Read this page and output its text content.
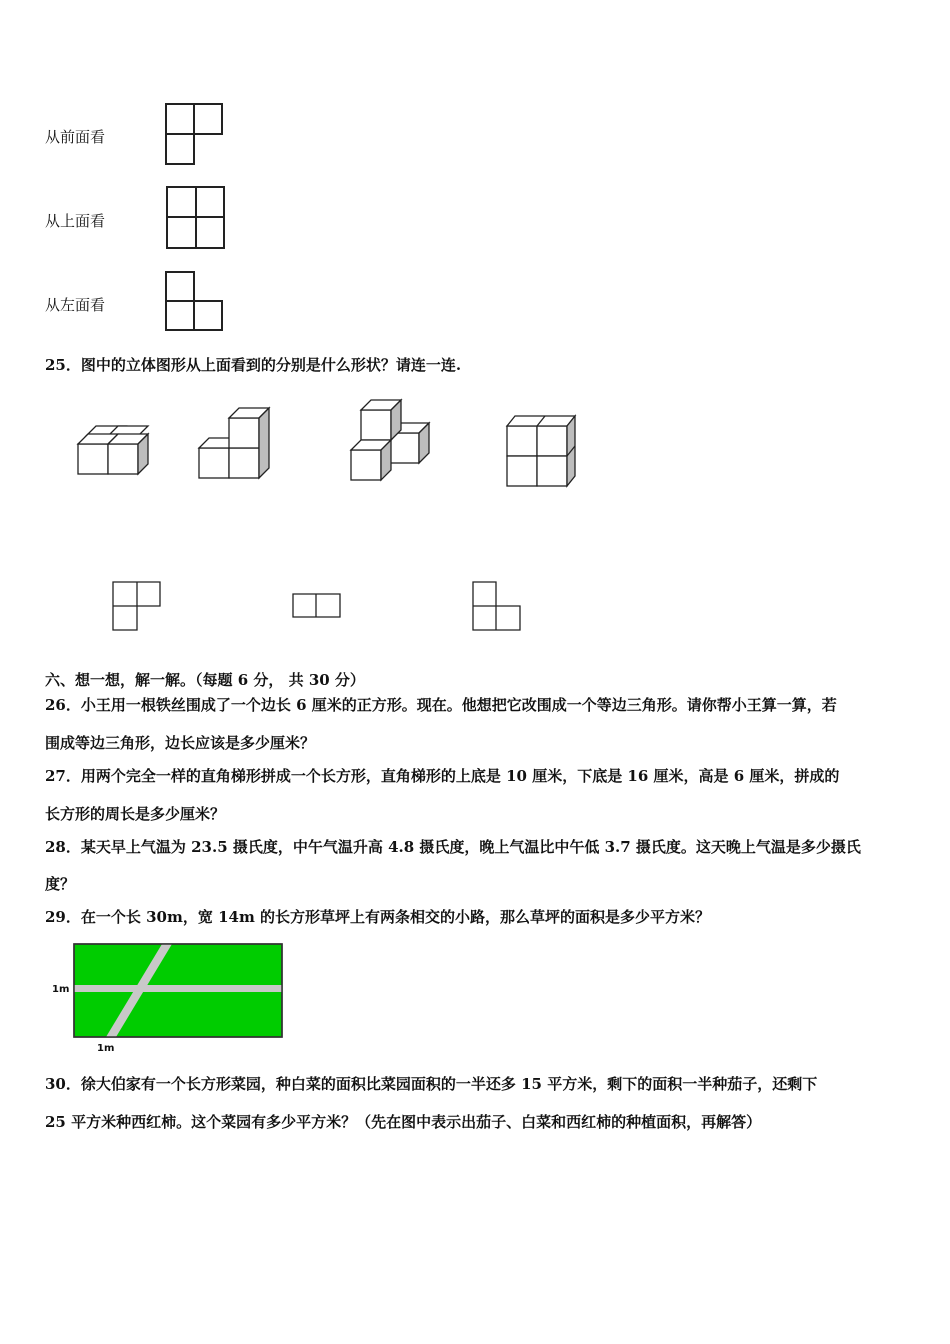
从前面看
从上面看
从左面看
25．图中的立体图形从上面看到的分别是什么形状？请连一连.
六、想一想，解一解。（每题 6 分， 共 30 分）
26．小王用一根铁丝围成了一个边长 6 厘米的正方形。现在。他想把它改围成一个等边三角形。请你帮小王算一算，若
围成等边三角形，边长应该是多少厘米？
27．用两个完全一样的直角梯形拼成一个长方形，直角梯形的上底是 10 厘米，下底是 16 厘米，高是 6 厘米，拼成的
长方形的周长是多少厘米？
28．某天早上气温为 23.5 摄氏度，中午气温升高 4.8 摄氏度，晚上气温比中午低 3.7 摄氏度。这天晚上气温是多少摄氏
度？
29．在一个长 30m，宽 14m 的长方形草坪上有两条相交的小路，那么草坪的面积是多少平方米？
1m
1m
30．徐大伯家有一个长方形菜园，种白菜的面积比菜园面积的一半还多 15 平方米，剩下的面积一半种茄子，还剩下
25 平方米种西红柿。这个菜园有多少平方米？（先在图中表示出茄子、白菜和西红柿的种植面积，再解答）
